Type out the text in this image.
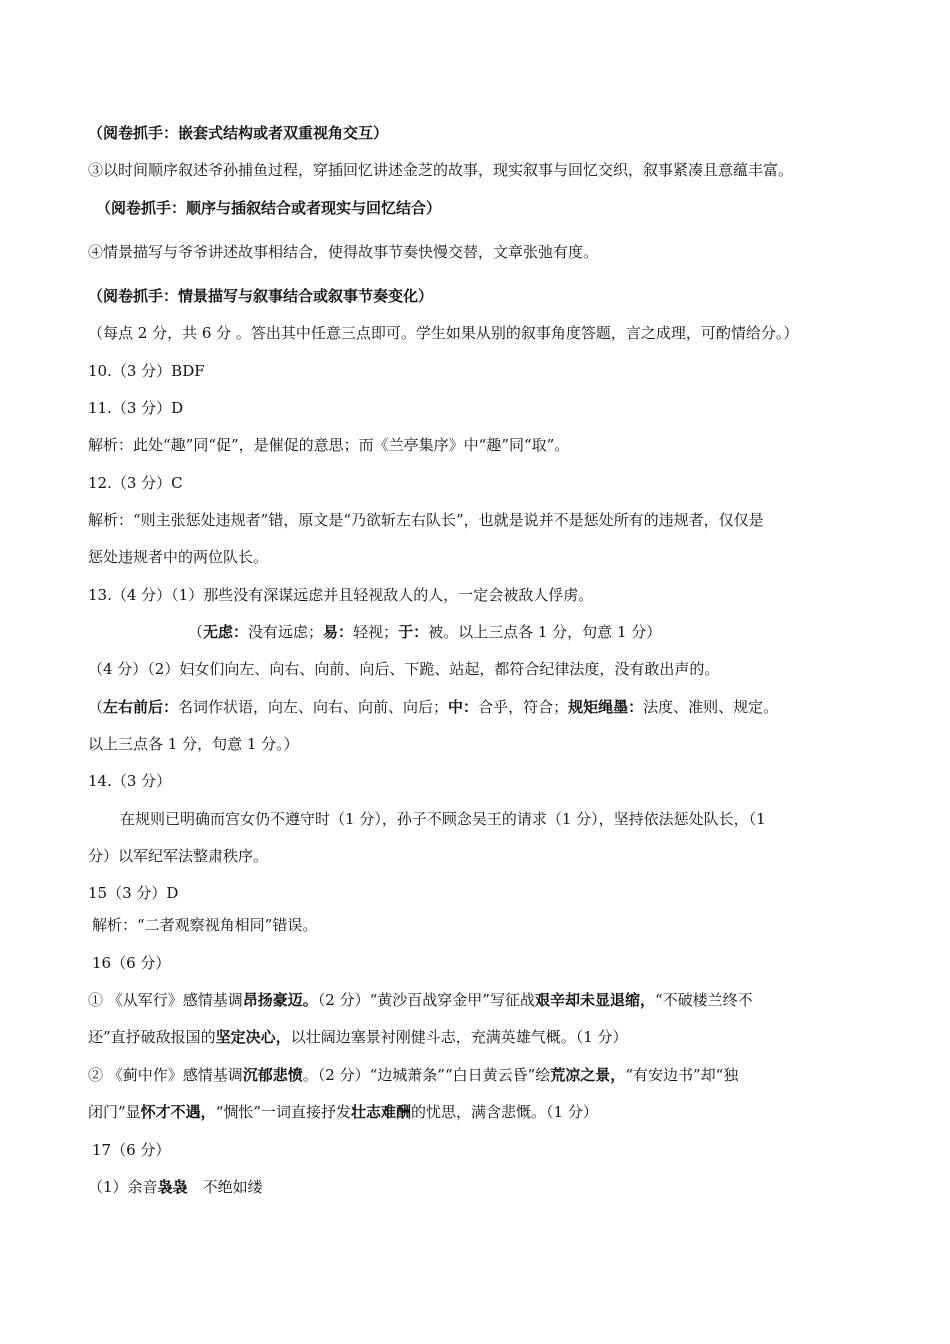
（阅卷抓手：嵌套式结构或者双重视角交互）
③以时间顺序叙述爷孙捕鱼过程，穿插回忆讲述金芝的故事，现实叙事与回忆交织，叙事紧凑且意蕴丰富。
（阅卷抓手：顺序与插叙结合或者现实与回忆结合）
④情景描写与爷爷讲述故事相结合，使得故事节奏快慢交替，文章张弛有度。
（阅卷抓手：情景描写与叙事结合或叙事节奏变化）
（每点 2 分，共 6 分 。答出其中任意三点即可。学生如果从别的叙事角度答题，言之成理，可酌情给分。）
10.（3 分）BDF
11.（3 分）D
解析：此处“趣”同“促”，是催促的意思；而《兰亭集序》中“趣”同“取”。
12.（3 分）C
解析：“则主张惩处违规者”错，原文是“乃欲斩左右队长”，也就是说并不是惩处所有的违规者，仅仅是
惩处违规者中的两位队长。
13.（4 分）（1）那些没有深谋远虑并且轻视敌人的人，一定会被敌人俘虏。
（无虑：没有远虑；易：轻视；于：被。以上三点各 1 分，句意 1 分）
（4 分）（2）妇女们向左、向右、向前、向后、下跪、站起，都符合纪律法度，没有敢出声的。
（左右前后：名词作状语，向左、向右、向前、向后；中：合乎，符合；规矩绳墨：法度、准则、规定。
以上三点各 1 分，句意 1 分。）
14.（3 分）
在规则已明确而宫女仍不遵守时（1 分），孙子不顾念吴王的请求（1 分），坚持依法惩处队长，（1
分）以军纪军法整肃秩序。
15（3 分）D
解析：“二者观察视角相同”错误。
16（6 分）
① 《从军行》感情基调昂扬豪迈。（2 分）“黄沙百战穿金甲”写征战艰辛却未显退缩，“不破楼兰终不
还”直抒破敌报国的坚定决心，以壮阔边塞景衬刚健斗志，充满英雄气概。（1 分）
② 《蓟中作》感情基调沉郁悲愤。（2 分）“边城萧条”“白日黄云昏”绘荒凉之景，“有安边书”却“独
闭门”显怀才不遇，“惆怅”一词直接抒发壮志难酬的忧思，满含悲慨。（1 分）
17（6 分）
（1）余音袅袅　不绝如缕
